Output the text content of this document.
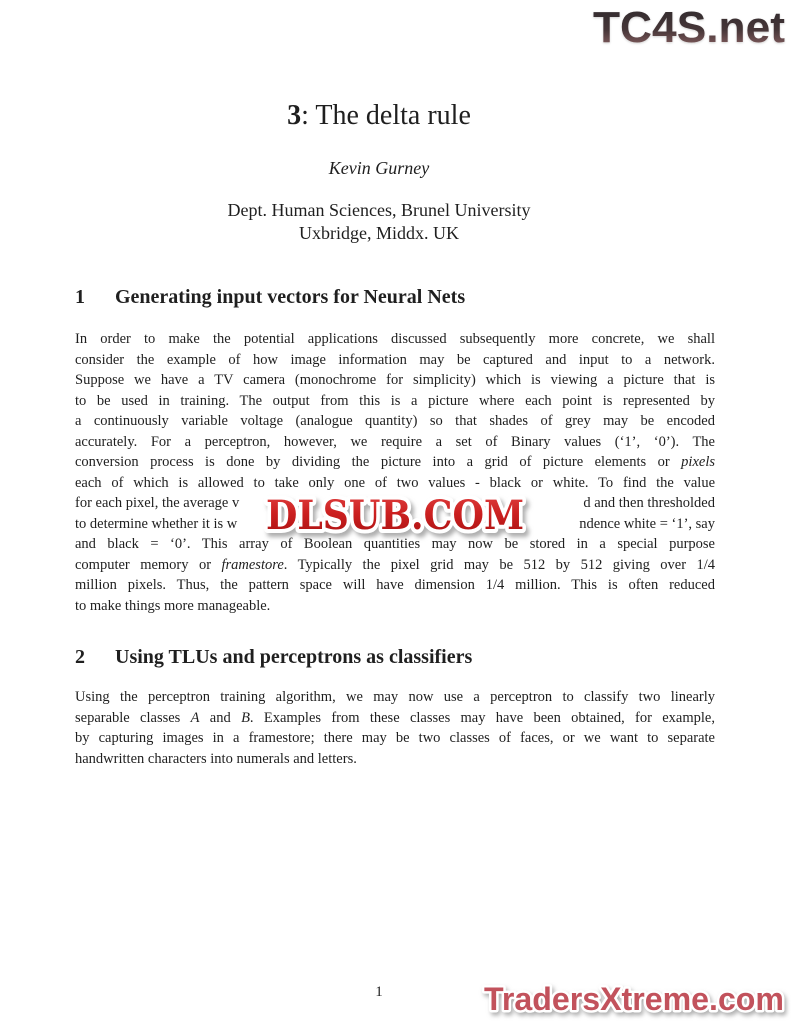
TC4S.net
3: The delta rule
Kevin Gurney
Dept. Human Sciences, Brunel University
Uxbridge, Middx. UK
1	Generating input vectors for Neural Nets
In order to make the potential applications discussed subsequently more concrete, we shall
consider the example of how image information may be captured and input to a network.
Suppose we have a TV camera (monochrome for simplicity) which is viewing a picture that is
to be used in training. The output from this is a picture where each point is represented by
a continuously variable voltage (analogue quantity) so that shades of grey may be encoded
accurately. For a perceptron, however, we require a set of Binary values (‘1’, ‘0’). The
conversion process is done by dividing the picture into a grid of picture elements or pixels
each of which is allowed to take only one of two values - black or white. To find the value
for each pixel, the average v	d and then thresholded
to determine whether it is w	ndence white = ‘1’, say
and black = ‘0’. This array of Boolean quantities may now be stored in a special purpose
computer memory or framestore. Typically the pixel grid may be 512 by 512 giving over 1/4
million pixels. Thus, the pattern space will have dimension 1/4 million. This is often reduced
to make things more manageable.
DLSUB.COM
2	Using TLUs and perceptrons as classifiers
Using the perceptron training algorithm, we may now use a perceptron to classify two linearly
separable classes A and B. Examples from these classes may have been obtained, for example,
by capturing images in a framestore; there may be two classes of faces, or we want to separate
handwritten characters into numerals and letters.
1	TradersXtreme.com
